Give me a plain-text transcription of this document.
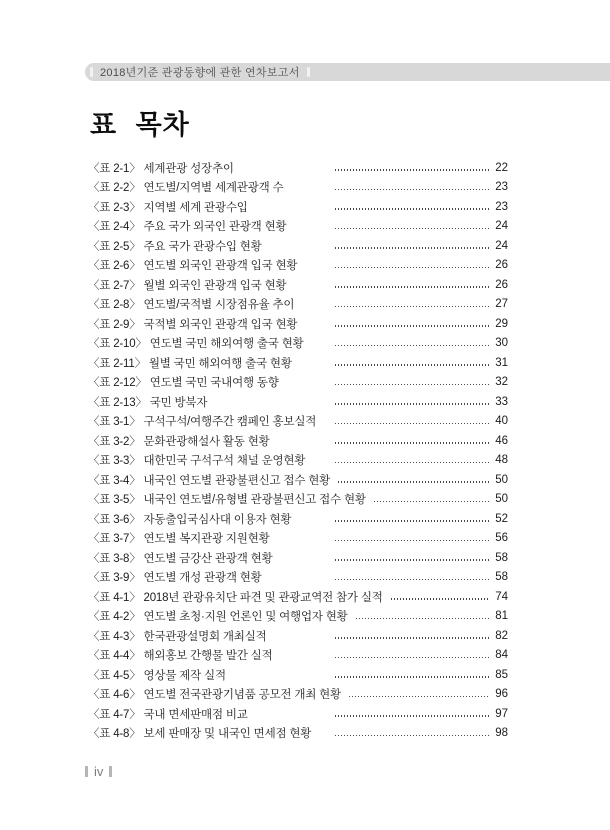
2018년기준 관광동향에 관한 연차보고서
표 목차
〈표 2-1〉 세계관광 성장추이	22
〈표 2-2〉 연도별/지역별 세계관광객 수	23
〈표 2-3〉 지역별 세계 관광수입	23
〈표 2-4〉 주요 국가 외국인 관광객 현황	24
〈표 2-5〉 주요 국가 관광수입 현황	24
〈표 2-6〉 연도별 외국인 관광객 입국 현황	26
〈표 2-7〉 월별 외국인 관광객 입국 현황	26
〈표 2-8〉 연도별/국적별 시장점유율 추이	27
〈표 2-9〉 국적별 외국인 관광객 입국 현황	29
〈표 2-10〉 연도별 국민 해외여행 출국 현황	30
〈표 2-11〉 월별 국민 해외여행 출국 현황	31
〈표 2-12〉 연도별 국민 국내여행 동향	32
〈표 2-13〉 국민 방북자	33
〈표 3-1〉 구석구석/여행주간 캠페인 홍보실적	40
〈표 3-2〉 문화관광해설사 활동 현황	46
〈표 3-3〉 대한민국 구석구석 채널 운영현황	48
〈표 3-4〉 내국인 연도별 관광불편신고 접수 현황	50
〈표 3-5〉 내국인 연도별/유형별 관광불편신고 접수 현황	50
〈표 3-6〉 자동출입국심사대 이용자 현황	52
〈표 3-7〉 연도별 복지관광 지원현황	56
〈표 3-8〉 연도별 금강산 관광객 현황	58
〈표 3-9〉 연도별 개성 관광객 현황	58
〈표 4-1〉 2018년 관광유치단 파견 및 관광교역전 참가 실적	74
〈표 4-2〉 연도별 초청·지원 언론인 및 여행업자 현황	81
〈표 4-3〉 한국관광설명회 개최실적	82
〈표 4-4〉 해외홍보 간행물 발간 실적	84
〈표 4-5〉 영상물 제작 실적	85
〈표 4-6〉 연도별 전국관광기념품 공모전 개최 현황	96
〈표 4-7〉 국내 면세판매점 비교	97
〈표 4-8〉 보세 판매장 및 내국인 면세점 현황	98
iv
